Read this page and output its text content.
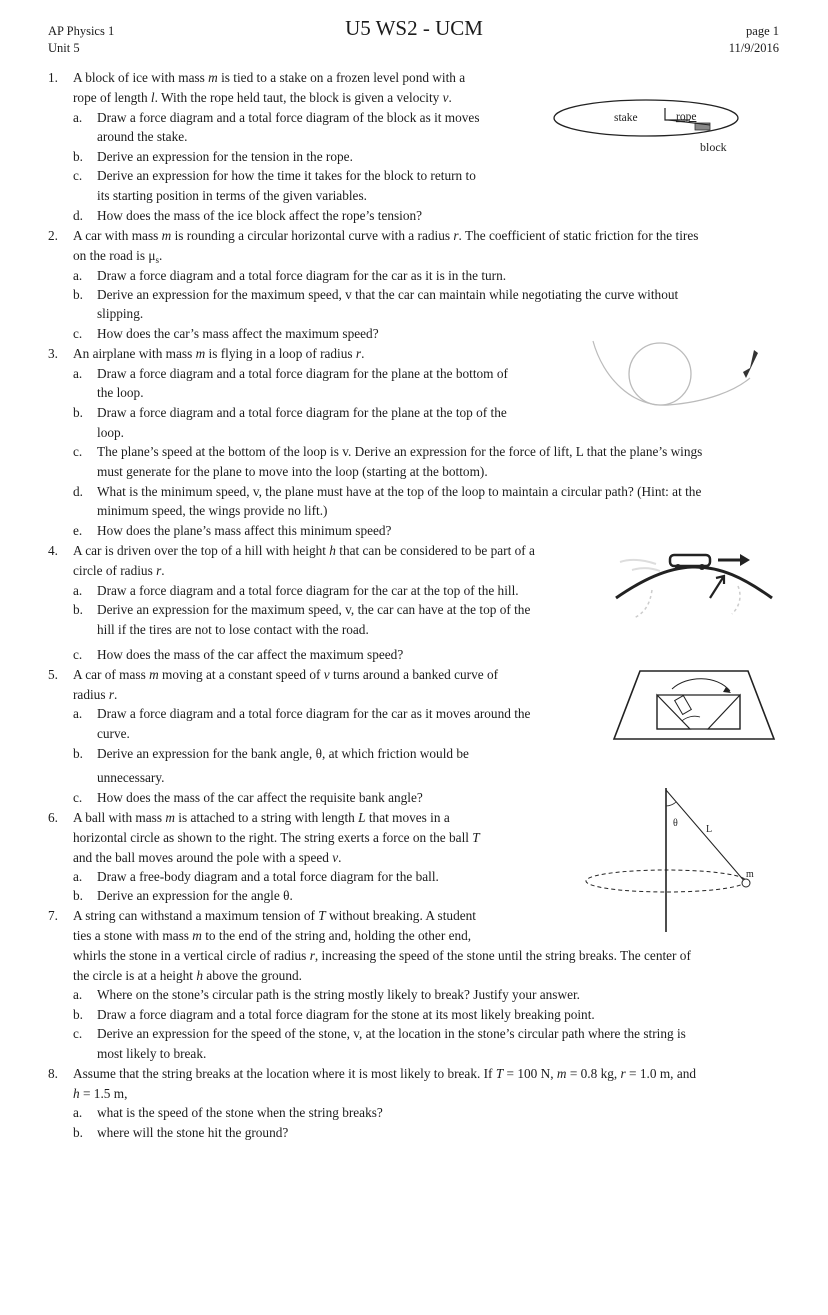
AP Physics 1
Unit 5
U5 WS2 - UCM	page 1
11/9/2016
stake	rope
block
θ
L
m
1. A block of ice with mass m is tied to a stake on a frozen level pond with a
rope of length l. With the rope held taut, the block is given a velocity v.
a. Draw a force diagram and a total force diagram of the block as it moves
around the stake.
b. Derive an expression for the tension in the rope.
c. Derive an expression for how the time it takes for the block to return to
its starting position in terms of the given variables.
d. How does the mass of the ice block affect the rope’s tension?
2. A car with mass m is rounding a circular horizontal curve with a radius r. The coefficient of static friction for the tires
on the road is $\mu_s$.
a. Draw a force diagram and a total force diagram for the car as it is in the turn.
b. Derive an expression for the maximum speed, v that the car can maintain while negotiating the curve without
slipping.
c. How does the car’s mass affect the maximum speed?
3. An airplane with mass m is flying in a loop of radius r.
a. Draw a force diagram and a total force diagram for the plane at the bottom of
the loop.
b. Draw a force diagram and a total force diagram for the plane at the top of the
loop.
c. The plane’s speed at the bottom of the loop is v. Derive an expression for the force of lift, L that the plane’s wings
must generate for the plane to move into the loop (starting at the bottom).
d. What is the minimum speed, v, the plane must have at the top of the loop to maintain a circular path? (Hint: at the
minimum speed, the wings provide no lift.)
e. How does the plane’s mass affect this minimum speed?
4. A car is driven over the top of a hill with height h that can be considered to be part of a
circle of radius r.
a. Draw a force diagram and a total force diagram for the car at the top of the hill.
b. Derive an expression for the maximum speed, v, the car can have at the top of the
hill if the tires are not to lose contact with the road.
c. How does the mass of the car affect the maximum speed?
5. A car of mass m moving at a constant speed of v turns around a banked curve of
radius r.
a. Draw a force diagram and a total force diagram for the car as it moves around the
curve.
b. Derive an expression for the bank angle, θ, at which friction would be
unnecessary.
c. How does the mass of the car affect the requisite bank angle?
6. A ball with mass m is attached to a string with length L that moves in a
horizontal circle as shown to the right. The string exerts a force on the ball T
and the ball moves around the pole with a speed v.
a. Draw a free-body diagram and a total force diagram for the ball.
b. Derive an expression for the angle θ.
7. A string can withstand a maximum tension of T without breaking. A student
ties a stone with mass m to the end of the string and, holding the other end,
whirls the stone in a vertical circle of radius r, increasing the speed of the stone until the string breaks. The center of
the circle is at a height h above the ground.
a. Where on the stone’s circular path is the string mostly likely to break? Justify your answer.
b. Draw a force diagram and a total force diagram for the stone at its most likely breaking point.
c. Derive an expression for the speed of the stone, v, at the location in the stone’s circular path where the string is
most likely to break.
8. Assume that the string breaks at the location where it is most likely to break. If T = 100 N, m = 0.8 kg, r = 1.0 m, and
h = 1.5 m,
a. what is the speed of the stone when the string breaks?
b. where will the stone hit the ground?
